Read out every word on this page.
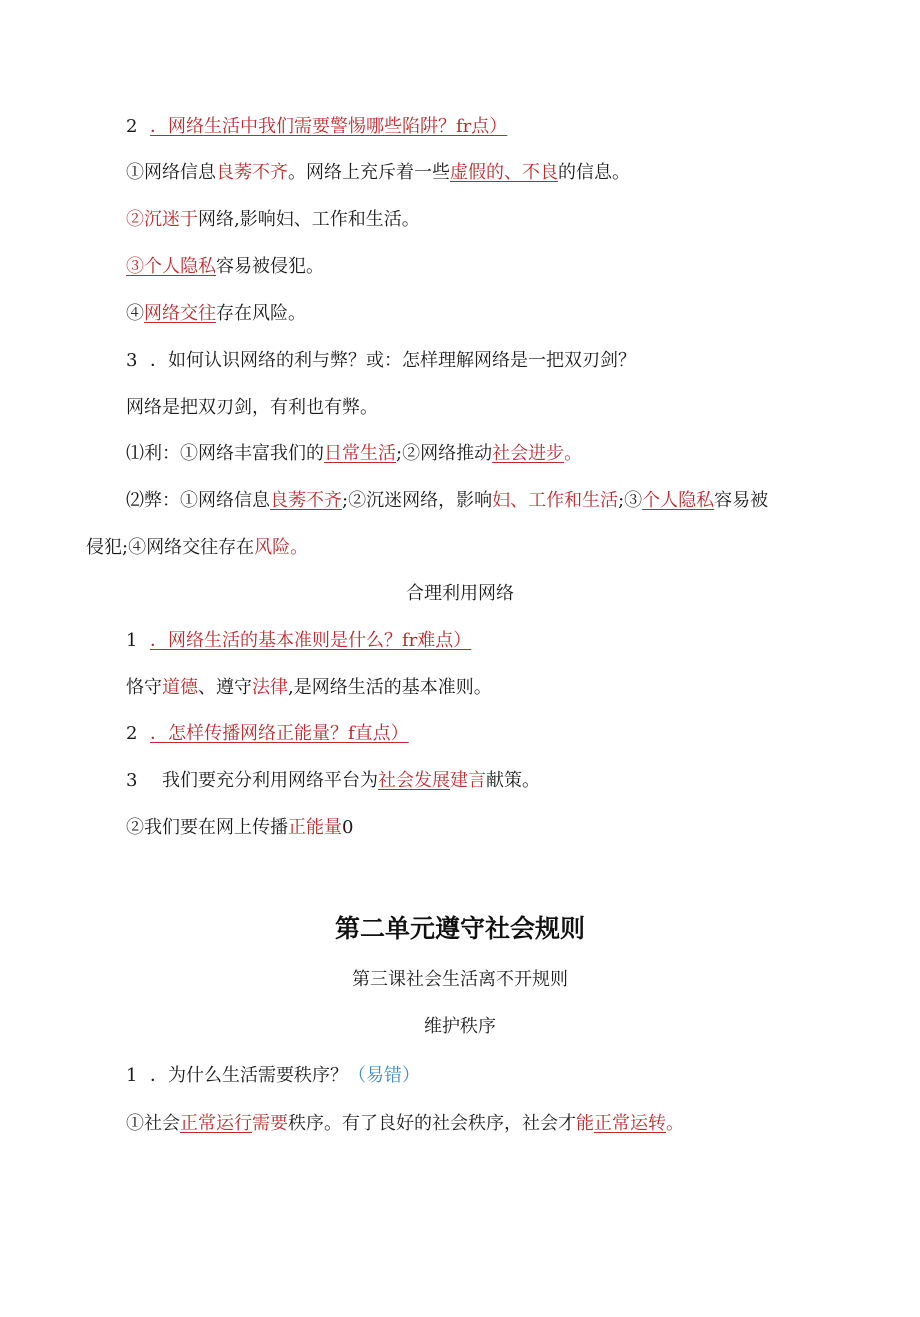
2 ．网络生活中我们需要警惕哪些陷阱？fr点）
①网络信息良莠不齐。网络上充斥着一些虚假的、不良的信息。
②沉迷于网络,影响妇、工作和生活。
③个人隐私容易被侵犯。
④网络交往存在风险。
3 ．如何认识网络的利与弊？或：怎样理解网络是一把双刃剑？
网络是把双刃剑，有利也有弊。
⑴利：①网络丰富我们的日常生活;②网络推动社会进步。
⑵弊：①网络信息良莠不齐;②沉迷网络，影响妇、工作和生活;③个人隐私容易被
侵犯;④网络交往存在风险。
合理利用网络
1 ．网络生活的基本准则是什么？fr难点）
恪守道德、遵守法律,是网络生活的基本准则。
2 ．怎样传播网络正能量？f直点）
3 我们要充分利用网络平台为社会发展建言献策。
②我们要在网上传播正能量0
第二单元遵守社会规则
第三课社会生活离不开规则
维护秩序
1 ．为什么生活需要秩序？（易错）
①社会正常运行需要秩序。有了良好的社会秩序，社会才能正常运转。
